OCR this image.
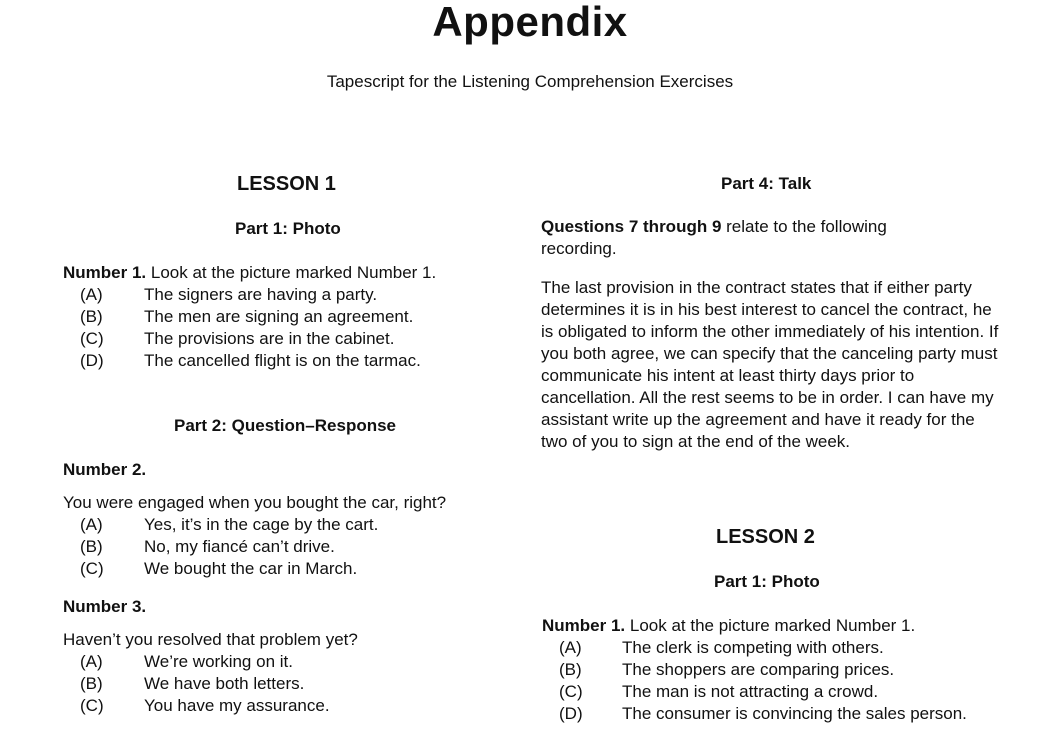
Appendix
Tapescript for the Listening Comprehension Exercises
LESSON 1
Part 1: Photo
Number 1. Look at the picture marked Number 1.
(A) The signers are having a party.
(B) The men are signing an agreement.
(C) The provisions are in the cabinet.
(D) The cancelled flight is on the tarmac.
Part 2: Question–Response
Number 2.
You were engaged when you bought the car, right?
(A) Yes, it’s in the cage by the cart.
(B) No, my fiancé can’t drive.
(C) We bought the car in March.
Number 3.
Haven’t you resolved that problem yet?
(A) We’re working on it.
(B) We have both letters.
(C) You have my assurance.
Part 4: Talk
Questions 7 through 9 relate to the following recording.
The last provision in the contract states that if either party determines it is in his best interest to cancel the contract, he is obligated to inform the other immediately of his intention. If you both agree, we can specify that the canceling party must communicate his intent at least thirty days prior to cancellation. All the rest seems to be in order. I can have my assistant write up the agreement and have it ready for the two of you to sign at the end of the week.
LESSON 2
Part 1: Photo
Number 1. Look at the picture marked Number 1.
(A) The clerk is competing with others.
(B) The shoppers are comparing prices.
(C) The man is not attracting a crowd.
(D) The consumer is convincing the sales person.
